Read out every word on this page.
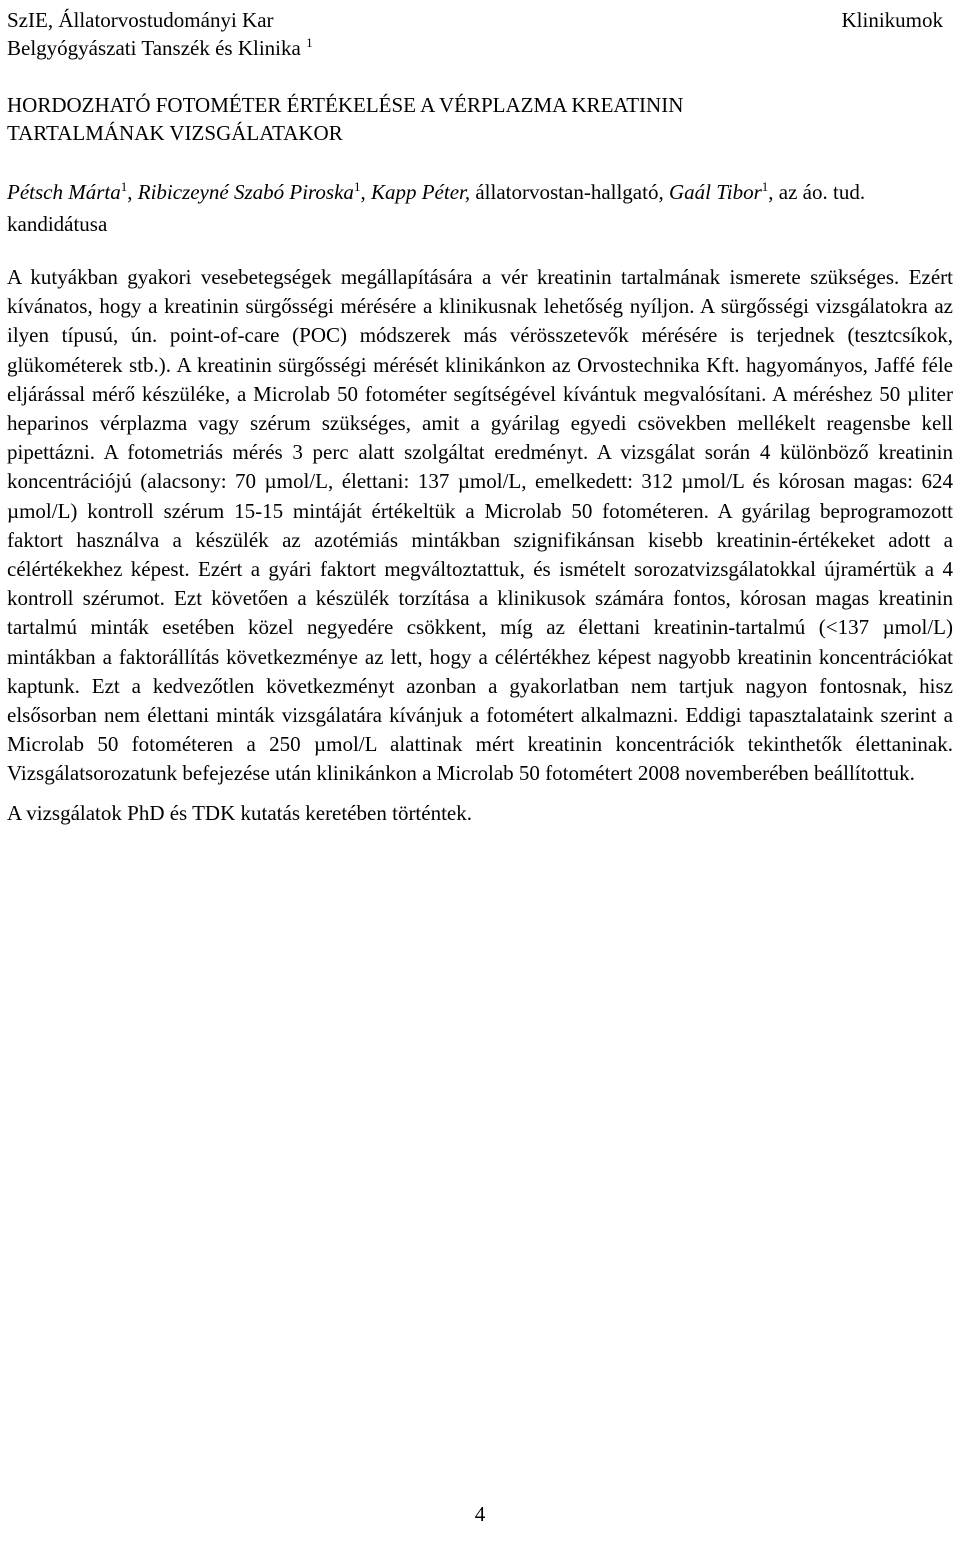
SzIE, Állatorvostudományi Kar
Belgyógyászati Tanszék és Klinika $^1$
Klinikumok
HORDOZHATÓ FOTOMÉTER ÉRTÉKELÉSE A VÉRPLAZMA KREATININ
TARTALMÁNAK VIZSGÁLATAKOR
Pétsch Márta$^1$, Ribiczeyné Szabó Piroska$^1$, Kapp Péter, állatorvostan-hallgató, Gaál Tibor$^1$, az áo. tud. kandidátusa

A kutyákban gyakori vesebetegségek megállapítására a vér kreatinin tartalmának ismerete szükséges. Ezért kívánatos, hogy a kreatinin sürgősségi mérésére a klinikusnak lehetőség nyíljon. A sürgősségi vizsgálatokra az ilyen típusú, ún. point-of-care (POC) módszerek más vérösszetevők mérésére is terjednek (tesztcsíkok, glükométerek stb.). A kreatinin sürgősségi mérését klinikánkon az Orvostechnika Kft. hagyományos, Jaffé féle eljárással mérő készüléke, a Microlab 50 fotométer segítségével kívántuk megvalósítani. A méréshez 50 µliter heparinos vérplazma vagy szérum szükséges, amit a gyárilag egyedi csövekben mellékelt reagensbe kell pipettázni. A fotometriás mérés 3 perc alatt szolgáltat eredményt. A vizsgálat során 4 különböző kreatinin koncentrációjú (alacsony: 70 µmol/L, élettani: 137 µmol/L, emelkedett: 312 µmol/L és kórosan magas: 624 µmol/L) kontroll szérum 15-15 mintáját értékeltük a Microlab 50 fotométeren. A gyárilag beprogramozott faktort használva a készülék az azotémiás mintákban szignifikánsan kisebb kreatinin-értékeket adott a célértékekhez képest. Ezért a gyári faktort megváltoztattuk, és ismételt sorozatvizsgálatokkal újramértük a 4 kontroll szérumot. Ezt követően a készülék torzítása a klinikusok számára fontos, kórosan magas kreatinin tartalmú minták esetében közel negyedére csökkent, míg az élettani kreatinin-tartalmú (<137 µmol/L) mintákban a faktorállítás következménye az lett, hogy a célértékhez képest nagyobb kreatinin koncentrációkat kaptunk. Ezt a kedvezőtlen következményt azonban a gyakorlatban nem tartjuk nagyon fontosnak, hisz elsősorban nem élettani minták vizsgálatára kívánjuk a fotométert alkalmazni. Eddigi tapasztalataink szerint a Microlab 50 fotométeren a 250 µmol/L alattinak mért kreatinin koncentrációk tekinthetők élettaninak. Vizsgálatsorozatunk befejezése után klinikánkon a Microlab 50 fotométert 2008 novemberében beállítottuk.

A vizsgálatok PhD és TDK kutatás keretében történtek.

4
